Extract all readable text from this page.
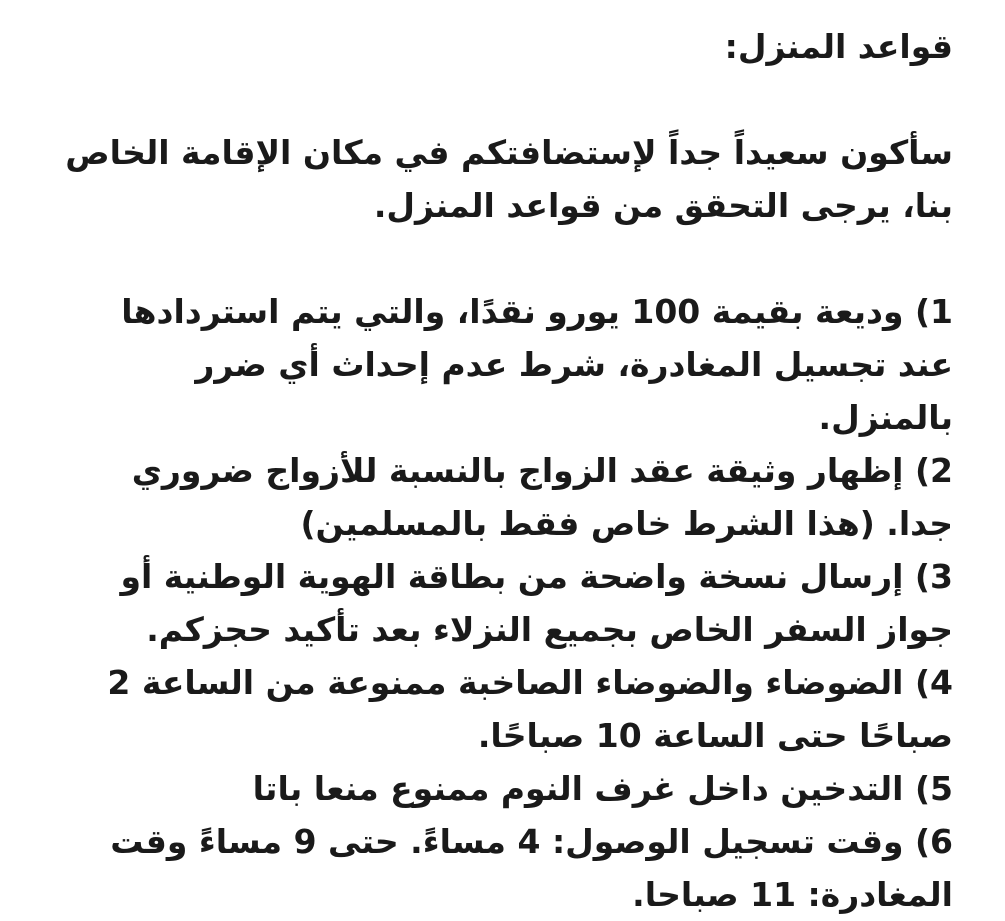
قواعد المنزل:

سأكون سعيداً جداً لإستضافتكم في مكان الإقامة الخاص بنا، يرجى التحقق من قواعد المنزل.

1) وديعة بقيمة 100 يورو نقدًا، والتي يتم استردادها عند تجسيل المغادرة، شرط عدم إحداث أي ضرر بالمنزل.

2) إظهار وثيقة عقد الزواج بالنسبة للأزواج ضروري جدا. (هذا الشرط خاص فقط بالمسلمين)

3) إرسال نسخة واضحة من بطاقة الهوية الوطنية أو جواز السفر الخاص بجميع النزلاء بعد تأكيد حجزكم.

4) الضوضاء والضوضاء الصاخبة ممنوعة من الساعة 2 صباحًا حتى الساعة 10 صباحًا.

5) التدخين داخل غرف النوم ممنوع منعا باتا

6) وقت تسجيل الوصول: 4 مساءً. حتى 9 مساءً وقت المغادرة: 11 صباحا.
